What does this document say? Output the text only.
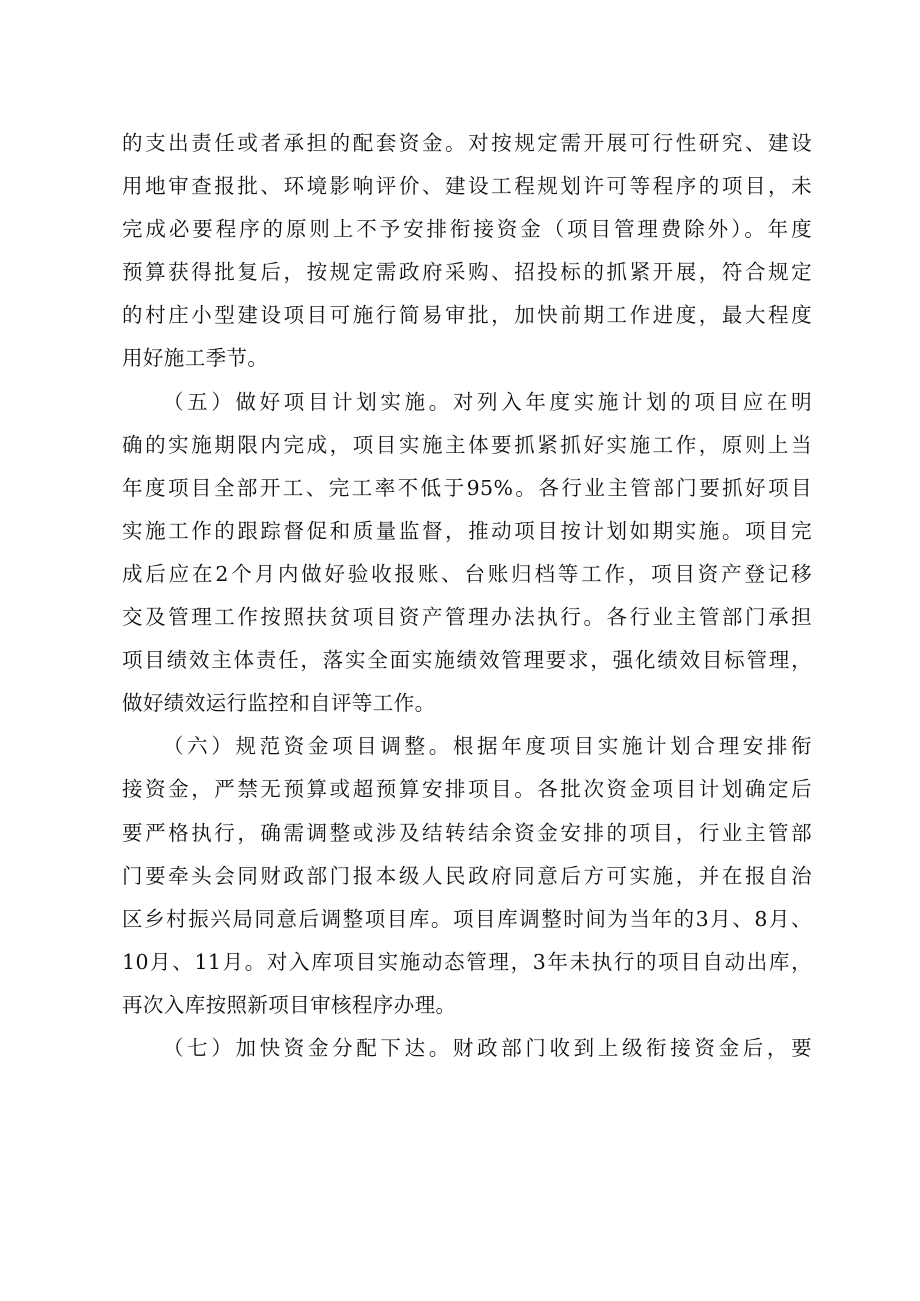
的支出责任或者承担的配套资金。对按规定需开展可行性研究、建设
用地审查报批、环境影响评价、建设工程规划许可等程序的项目，未
完成必要程序的原则上不予安排衔接资金（项目管理费除外）。年度
预算获得批复后，按规定需政府采购、招投标的抓紧开展，符合规定
的村庄小型建设项目可施行简易审批，加快前期工作进度，最大程度
用好施工季节。
（五）做好项目计划实施。对列入年度实施计划的项目应在明
确的实施期限内完成，项目实施主体要抓紧抓好实施工作，原则上当
年度项目全部开工、完工率不低于95%。各行业主管部门要抓好项目
实施工作的跟踪督促和质量监督，推动项目按计划如期实施。项目完
成后应在2个月内做好验收报账、台账归档等工作，项目资产登记移
交及管理工作按照扶贫项目资产管理办法执行。各行业主管部门承担
项目绩效主体责任，落实全面实施绩效管理要求，强化绩效目标管理，
做好绩效运行监控和自评等工作。
（六）规范资金项目调整。根据年度项目实施计划合理安排衔
接资金，严禁无预算或超预算安排项目。各批次资金项目计划确定后
要严格执行，确需调整或涉及结转结余资金安排的项目，行业主管部
门要牵头会同财政部门报本级人民政府同意后方可实施，并在报自治
区乡村振兴局同意后调整项目库。项目库调整时间为当年的3月、8月、
10月、11月。对入库项目实施动态管理，3年未执行的项目自动出库，
再次入库按照新项目审核程序办理。
（七）加快资金分配下达。财政部门收到上级衔接资金后，要
